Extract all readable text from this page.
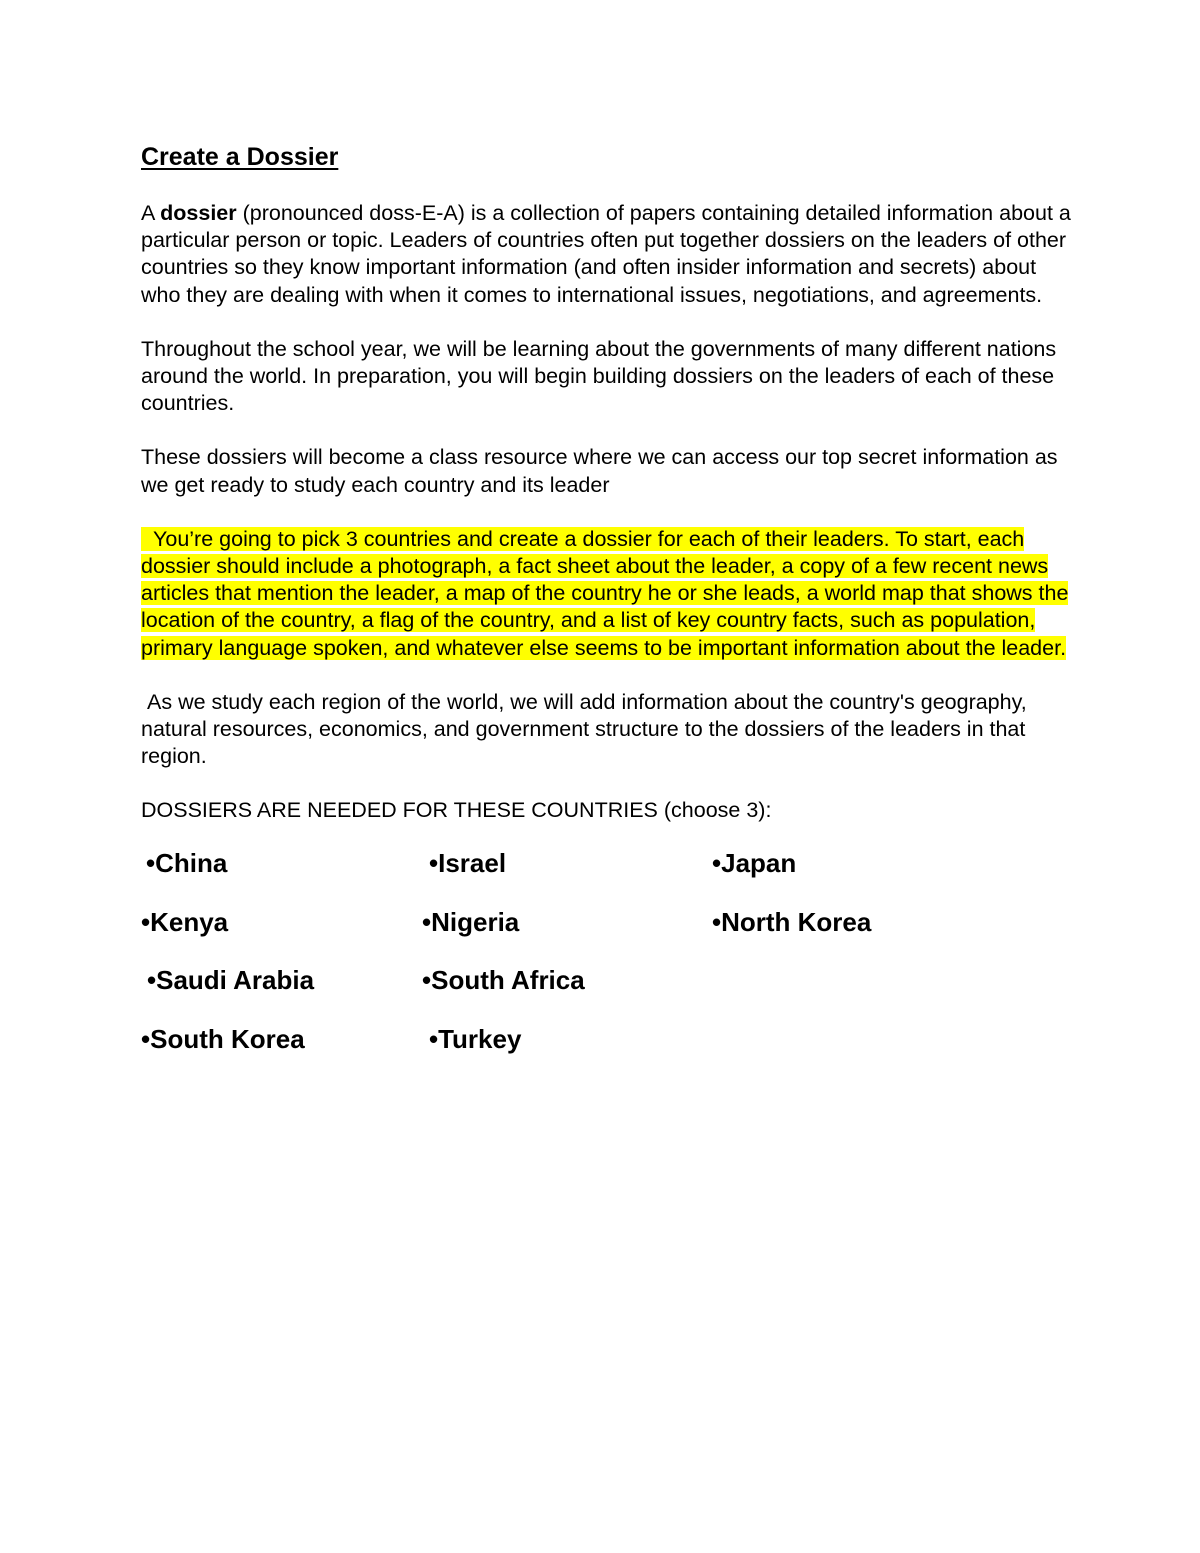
Create a Dossier

A dossier (pronounced doss-E-A) is a collection of papers containing detailed information about a particular person or topic. Leaders of countries often put together dossiers on the leaders of other countries so they know important information (and often insider information and secrets) about who they are dealing with when it comes to international issues, negotiations, and agreements.

Throughout the school year, we will be learning about the governments of many different nations around the world. In preparation, you will begin building dossiers on the leaders of each of these countries.

These dossiers will become a class resource where we can access our top secret information as we get ready to study each country and its leader

You’re going to pick 3 countries and create a dossier for each of their leaders. To start, each dossier should include a photograph, a fact sheet about the leader, a copy of a few recent news articles that mention the leader, a map of the country he or she leads, a world map that shows the location of the country, a flag of the country, and a list of key country facts, such as population, primary language spoken, and whatever else seems to be important information about the leader.

As we study each region of the world, we will add information about the country's geography, natural resources, economics, and government structure to the dossiers of the leaders in that region.

DOSSIERS ARE NEEDED FOR THESE COUNTRIES (choose 3):

•China	•Israel	•Japan
•Kenya	•Nigeria	•North Korea
•Saudi Arabia	•South Africa
•South Korea	•Turkey
